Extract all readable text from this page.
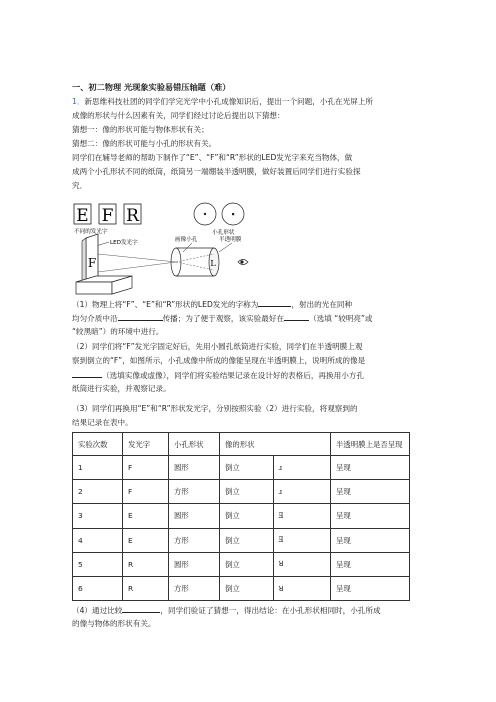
一、初二物理 光现象实验易错压轴题（难）
1．新思维科技社团的同学们学完光学中小孔成像知识后，提出一个问题，小孔在光屏上所
成像的形状与什么因素有关，同学们经过讨论后提出以下猜想：
猜想一：像的形状可能与物体形状有关；
猜想二：像的形状可能与小孔的形状有关。
同学们在辅导老师的帮助下制作了“E”、“F”和“R”形状的LED发光字来充当物体，做
成两个小孔形状不同的纸筒，纸筒另一端绷装半透明膜，做好装置后同学们进行实验探
究．
E F R
不同的发光字
LED发光字
F
小孔形状
画像小孔	半透明膜
L
（1）物理上将“F”、“E”和“R”形状的LED发光的字称为	，射出的光在同种
均匀介质中沿	传播；为了便于观察，该实验最好在	（选填 “较明亮”或
“较黑暗”）的环境中进行。
（2）同学们将“F”发光字固定好后，先用小圆孔纸筒进行实验，同学们在半透明膜上观
察到倒立的“F”，如图所示，小孔成像中所成的像能呈现在半透明膜上，说明所成的像是
（选填实像或虚像），同学们将实验结果记录在设计好的表格后，再换用小方孔
纸筒进行实验，并观察记录。
实验次数	发光字	小孔形状	像的形状		半透明膜上是否呈现
1	F	圆形	倒立	ɹ	呈现
2	F	方形	倒立	ɹ	呈现
3	E	圆形	倒立	Ǝ	呈现
4	E	方形	倒立	Ǝ	呈现
5	R	圆形	倒立	ꓤ	呈现
6	R	方形	倒立	ꓤ	呈现
（4）通过比较	，同学们验证了猜想一，得出结论：在小孔形状相同时，小孔所成
的像与物体的形状有关。
（3）同学们再换用“E”和“R”形状发光字，分别按照实验（2）进行实验，将观察到的
结果记录在表中。
